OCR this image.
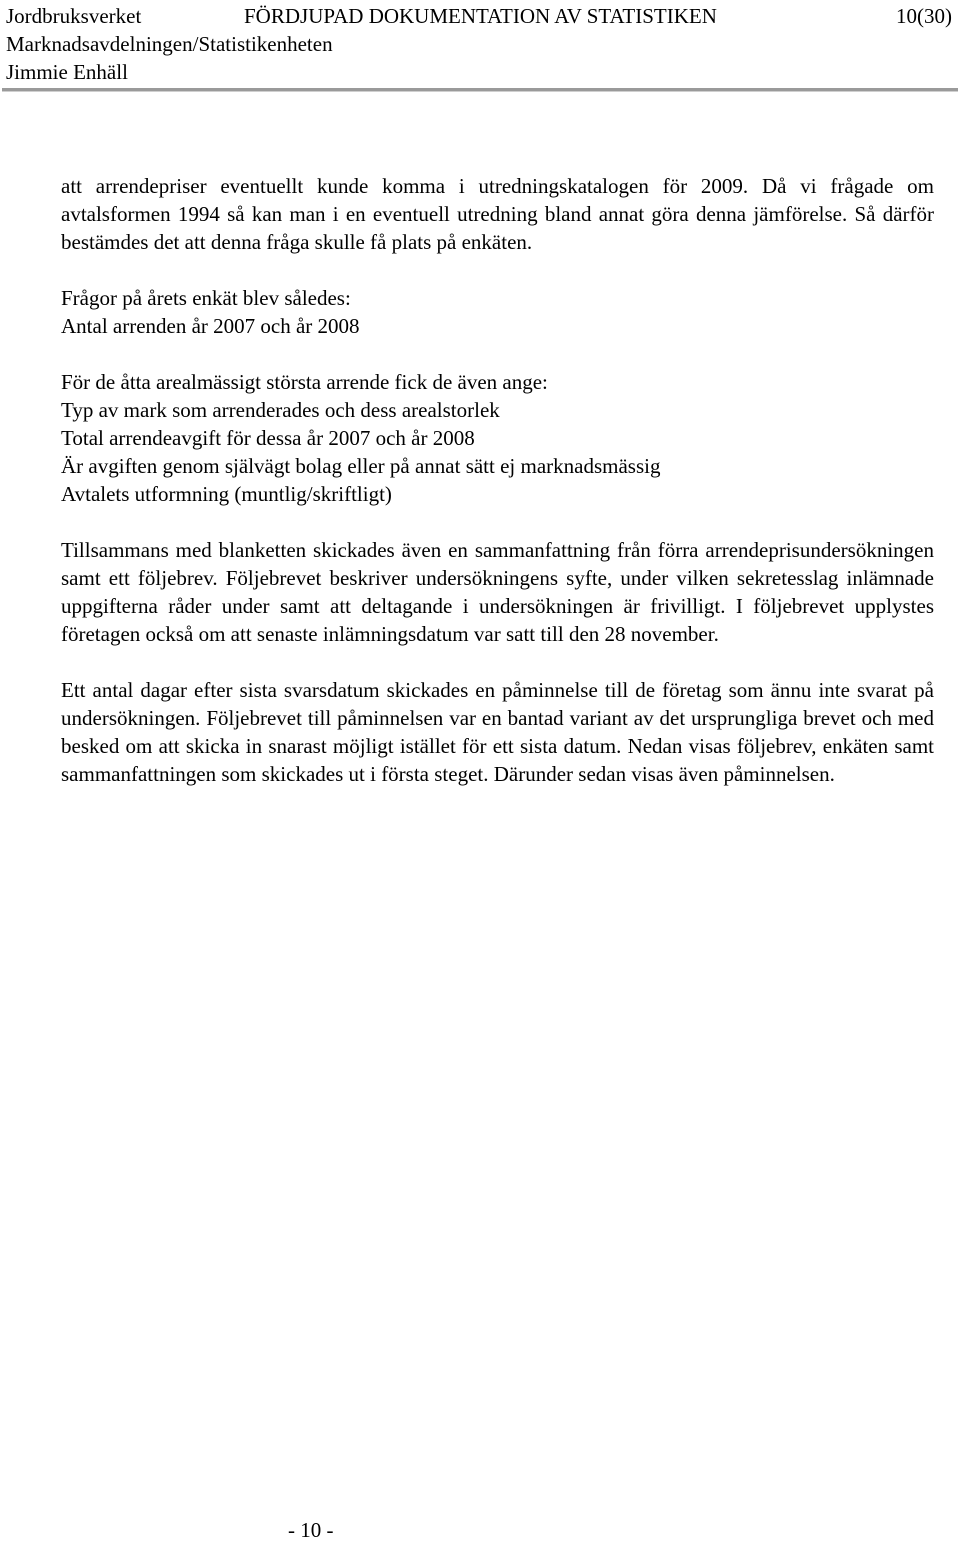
Jordbruksverket	FÖRDJUPAD DOKUMENTATION AV STATISTIKEN	10(30)
Marknadsavdelningen/Statistikenheten
Jimmie Enhäll

att arrendepriser eventuellt kunde komma i utredningskatalogen för 2009. Då vi frågade om avtalsformen 1994 så kan man i en eventuell utredning bland annat göra denna jämförelse. Så därför bestämdes det att denna fråga skulle få plats på enkäten.

Frågor på årets enkät blev således:
Antal arrenden år 2007 och år 2008
För de åtta arealmässigt största arrende fick de även ange:
Typ av mark som arrenderades och dess arealstorlek
Total arrendeavgift för dessa år 2007 och år 2008
Är avgiften genom självägt bolag eller på annat sätt ej marknadsmässig
Avtalets utformning (muntlig/skriftligt)

Tillsammans med blanketten skickades även en sammanfattning från förra arrendeprisundersökningen samt ett följebrev. Följebrevet beskriver undersökningens syfte, under vilken sekretesslag inlämnade uppgifterna råder under samt att deltagande i undersökningen är frivilligt. I följebrevet upplystes företagen också om att senaste inlämningsdatum var satt till den 28 november.

Ett antal dagar efter sista svarsdatum skickades en påminnelse till de företag som ännu inte svarat på undersökningen. Följebrevet till påminnelsen var en bantad variant av det ursprungliga brevet och med besked om att skicka in snarast möjligt istället för ett sista datum. Nedan visas följebrev, enkäten samt sammanfattningen som skickades ut i första steget. Därunder sedan visas även påminnelsen.

- 10 -
